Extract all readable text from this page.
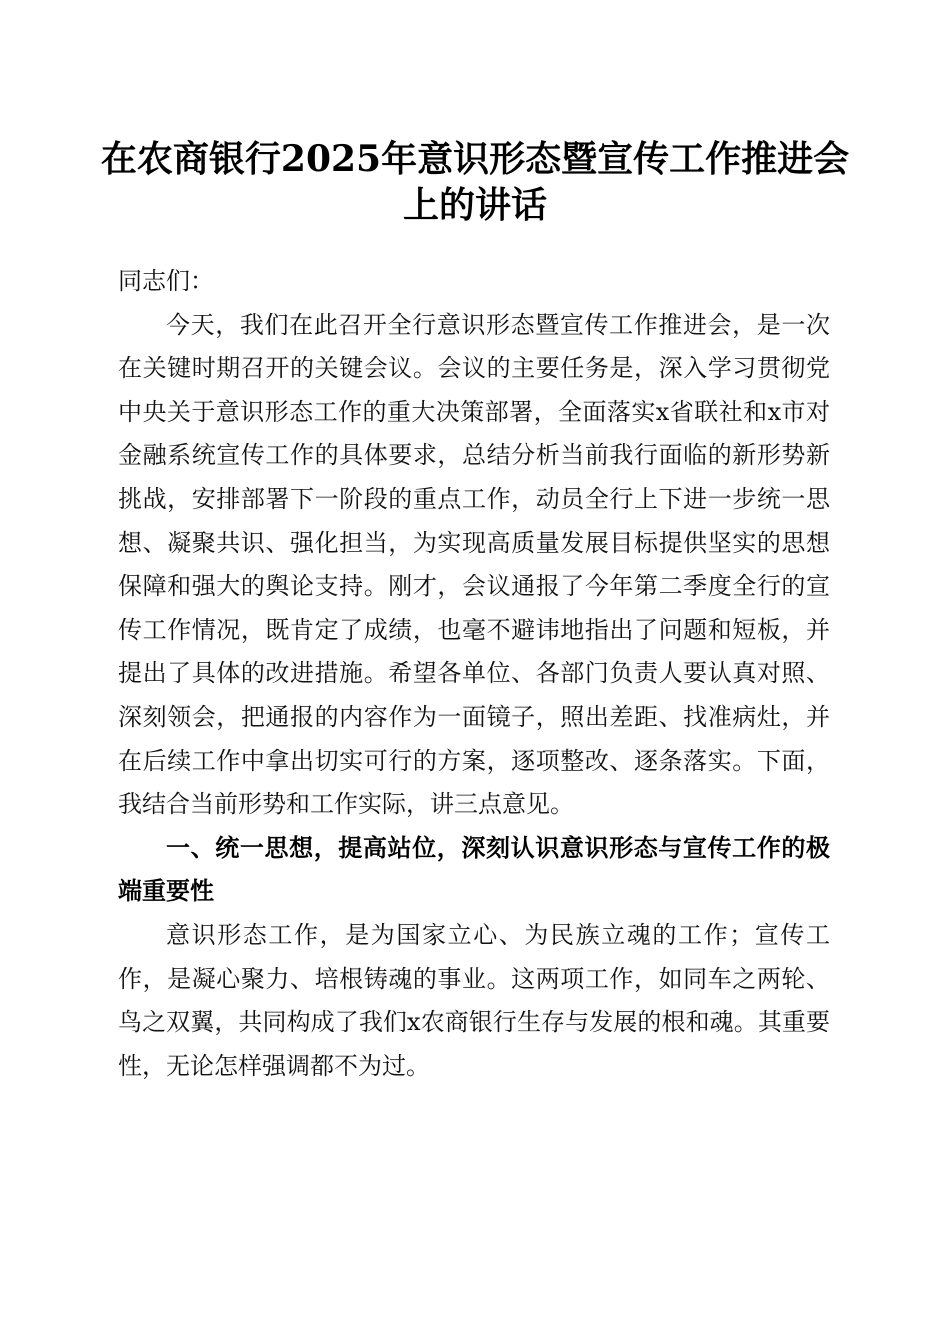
在农商银行2025年意识形态暨宣传工作推进会上的讲话

同志们：

今天，我们在此召开全行意识形态暨宣传工作推进会，是一次在关键时期召开的关键会议。会议的主要任务是，深入学习贯彻党中央关于意识形态工作的重大决策部署，全面落实x省联社和x市对金融系统宣传工作的具体要求，总结分析当前我行面临的新形势新挑战，安排部署下一阶段的重点工作，动员全行上下进一步统一思想、凝聚共识、强化担当，为实现高质量发展目标提供坚实的思想保障和强大的舆论支持。刚才，会议通报了今年第二季度全行的宣传工作情况，既肯定了成绩，也毫不避讳地指出了问题和短板，并提出了具体的改进措施。希望各单位、各部门负责人要认真对照、深刻领会，把通报的内容作为一面镜子，照出差距、找准病灶，并在后续工作中拿出切实可行的方案，逐项整改、逐条落实。下面，我结合当前形势和工作实际，讲三点意见。

一、统一思想，提高站位，深刻认识意识形态与宣传工作的极端重要性

意识形态工作，是为国家立心、为民族立魂的工作；宣传工作，是凝心聚力、培根铸魂的事业。这两项工作，如同车之两轮、鸟之双翼，共同构成了我们x农商银行生存与发展的根和魂。其重要性，无论怎样强调都不为过。
